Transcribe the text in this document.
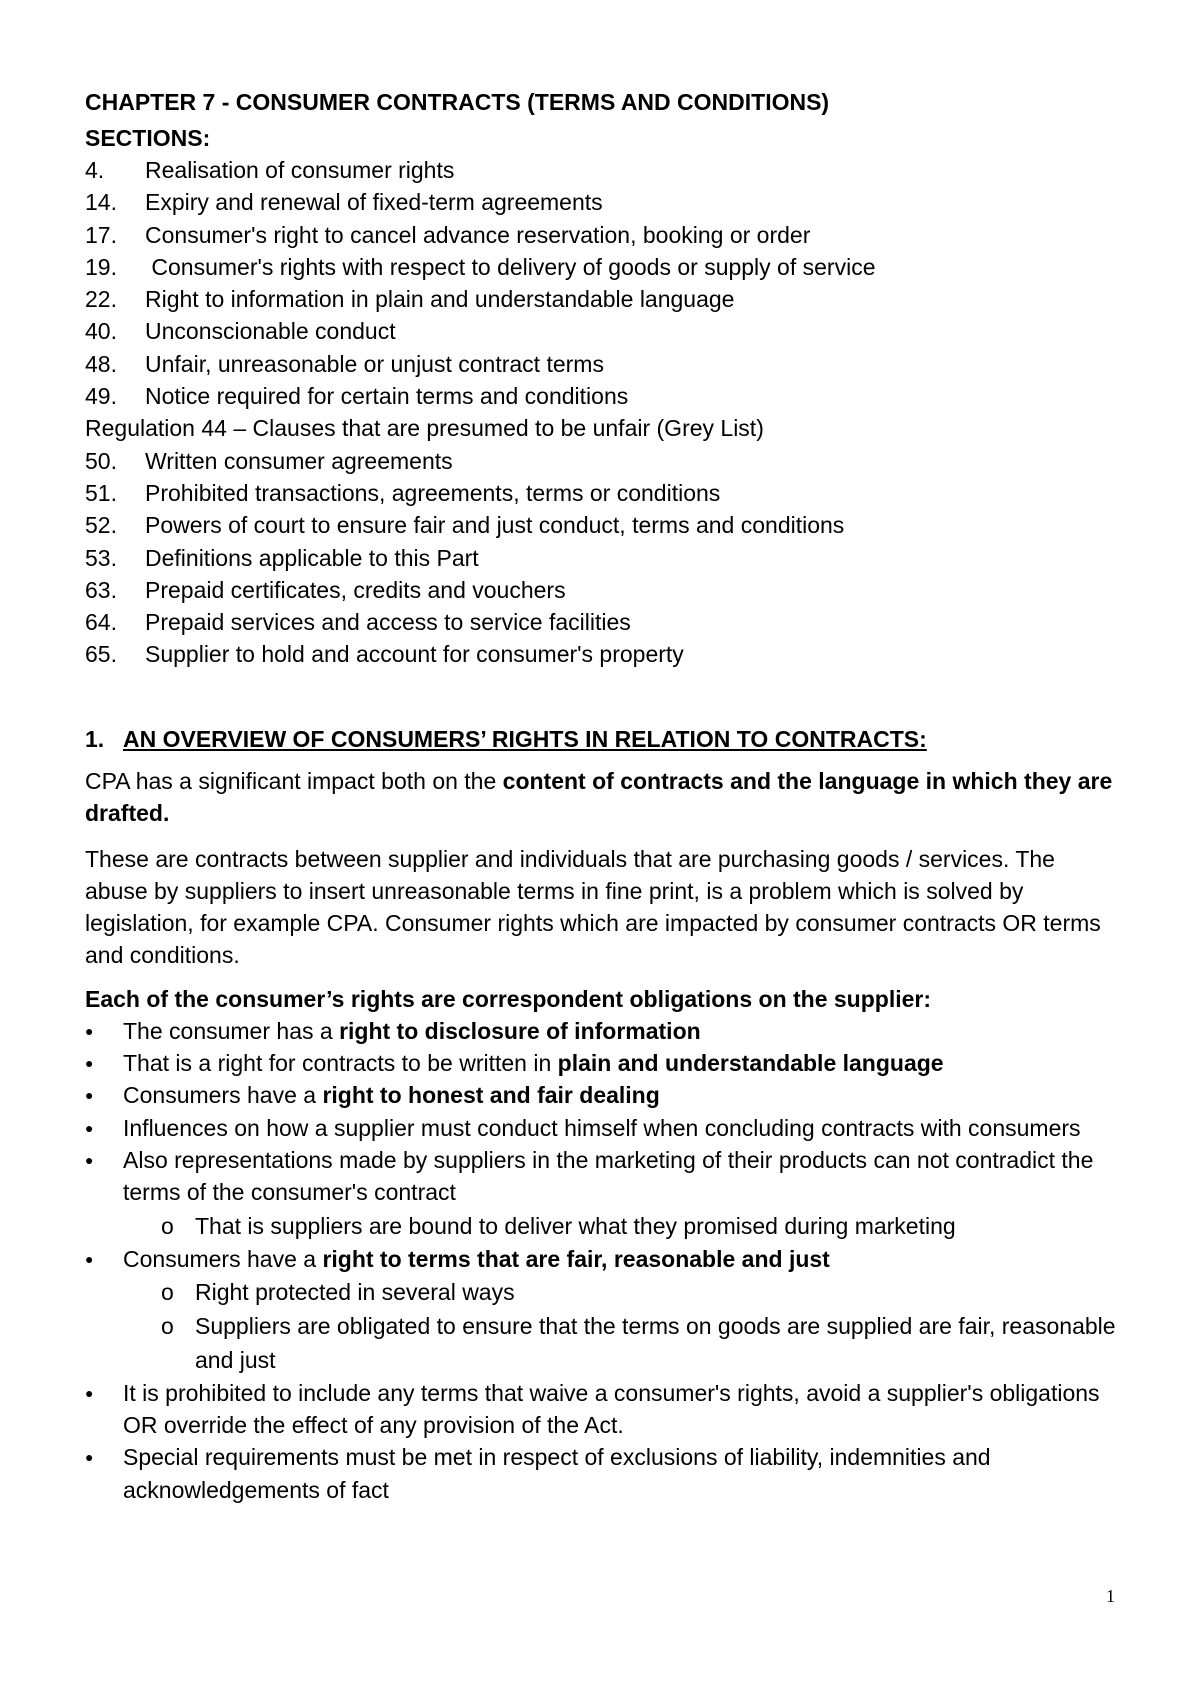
CHAPTER 7 - CONSUMER CONTRACTS (TERMS AND CONDITIONS)
SECTIONS:
4. Realisation of consumer rights
14. Expiry and renewal of fixed-term agreements
17. Consumer's right to cancel advance reservation, booking or order
19. Consumer's rights with respect to delivery of goods or supply of service
22. Right to information in plain and understandable language
40. Unconscionable conduct
48. Unfair, unreasonable or unjust contract terms
49. Notice required for certain terms and conditions
Regulation 44 – Clauses that are presumed to be unfair (Grey List)
50. Written consumer agreements
51. Prohibited transactions, agreements, terms or conditions
52. Powers of court to ensure fair and just conduct, terms and conditions
53. Definitions applicable to this Part
63. Prepaid certificates, credits and vouchers
64. Prepaid services and access to service facilities
65. Supplier to hold and account for consumer's property
1. AN OVERVIEW OF CONSUMERS’ RIGHTS IN RELATION TO CONTRACTS:

CPA has a significant impact both on the content of contracts and the language in which they are drafted.

These are contracts between supplier and individuals that are purchasing goods / services. The abuse by suppliers to insert unreasonable terms in fine print, is a problem which is solved by legislation, for example CPA. Consumer rights which are impacted by consumer contracts OR terms and conditions.

Each of the consumer’s rights are correspondent obligations on the supplier:

● The consumer has a right to disclosure of information
● That is a right for contracts to be written in plain and understandable language
● Consumers have a right to honest and fair dealing
● Influences on how a supplier must conduct himself when concluding contracts with consumers
● Also representations made by suppliers in the marketing of their products can not contradict the terms of the consumer's contract
o That is suppliers are bound to deliver what they promised during marketing
● Consumers have a right to terms that are fair, reasonable and just
o Right protected in several ways
o Suppliers are obligated to ensure that the terms on goods are supplied are fair, reasonable and just
● It is prohibited to include any terms that waive a consumer's rights, avoid a supplier's obligations OR override the effect of any provision of the Act.
● Special requirements must be met in respect of exclusions of liability, indemnities and acknowledgements of fact
1
